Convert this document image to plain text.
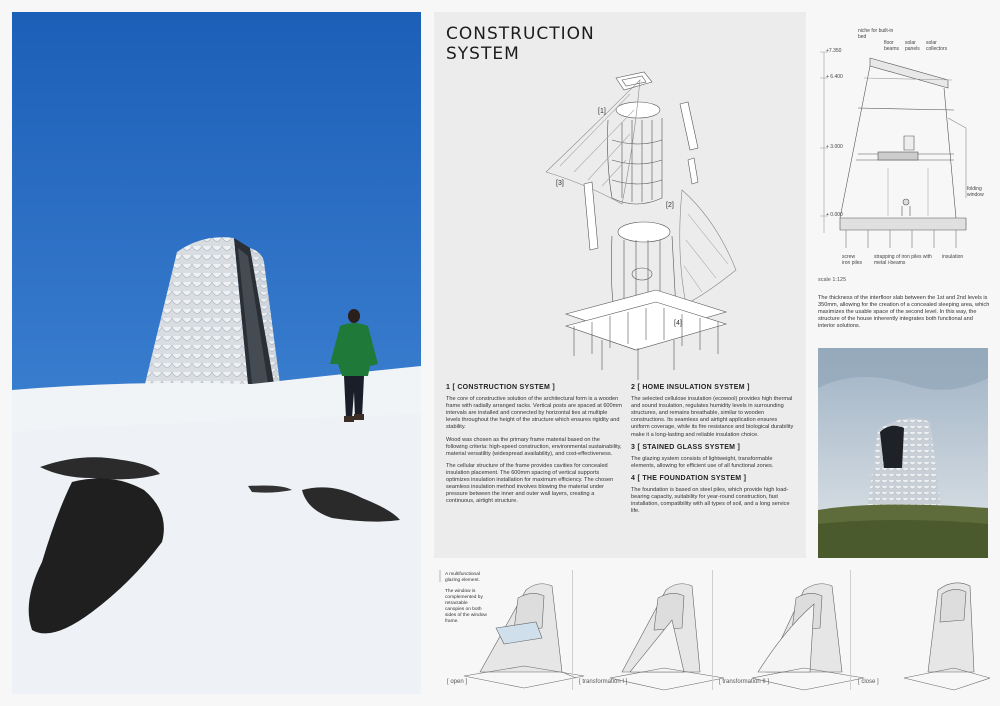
CONSTRUCTION
SYSTEM
[1]
[2]
[3]
[4]
1 [ CONSTRUCTION SYSTEM ]

The core of constructive solution of the architectural form is a wooden frame with radially arranged racks. Vertical posts are spaced at 600mm intervals are installed and connected by horizontal ties at multiple levels throughout the height of the structure which ensures rigidity and stability.

Wood was chosen as the primary frame material based on the following criteria: high-speed construction, environmental sustainability, material versatility (widespread availability), and cost-effectiveness.

The cellular structure of the frame provides cavities for concealed insulation placement. The 600mm spacing of vertical supports optimizes insulation installation for maximum efficiency. The chosen seamless insulation method involves blowing the material under pressure between the inner and outer wall layers, creating a continuous, airtight structure.

2 [ HOME INSULATION SYSTEM ]

The selected cellulose insulation (ecowool) provides high thermal and sound insulation, regulates humidity levels in surrounding structures, and remains breathable, similar to wooden constructions. Its seamless and airtight application ensures uniform coverage, while its fire resistance and biological durability make it a long-lasting and reliable insulation choice.

3 [ STAINED GLASS SYSTEM ]

The glazing system consists of lightweight, transformable elements, allowing for efficient use of all functional zones.

4 [ THE FOUNDATION SYSTEM ]

The foundation is based on steel piles, which provide high load-bearing capacity, suitability for year-round construction, fast installation, compatibility with all types of soil, and a long service life.

niche for built-in bed
floor beams
solar panels
solar collectors
folding window
screw iron piles
strapping of iron piles with metal i-beams
insulation
+7.350
+ 6.400
+ 3.000
+ 0.000
scale 1:125
The thickness of the interfloor slab between the 1st and 2nd levels is 350mm, allowing for the creation of a concealed sleeping area, which maximizes the usable space of the second level. In this way, the structure of the house inherently integrates both functional and interior solutions.

A multifunctional glazing element.

The window is complemented by retractable canopies on both sides of the window frame.

[ open ]	[ transformation I ]	[ transformation II ]	[ close ]
